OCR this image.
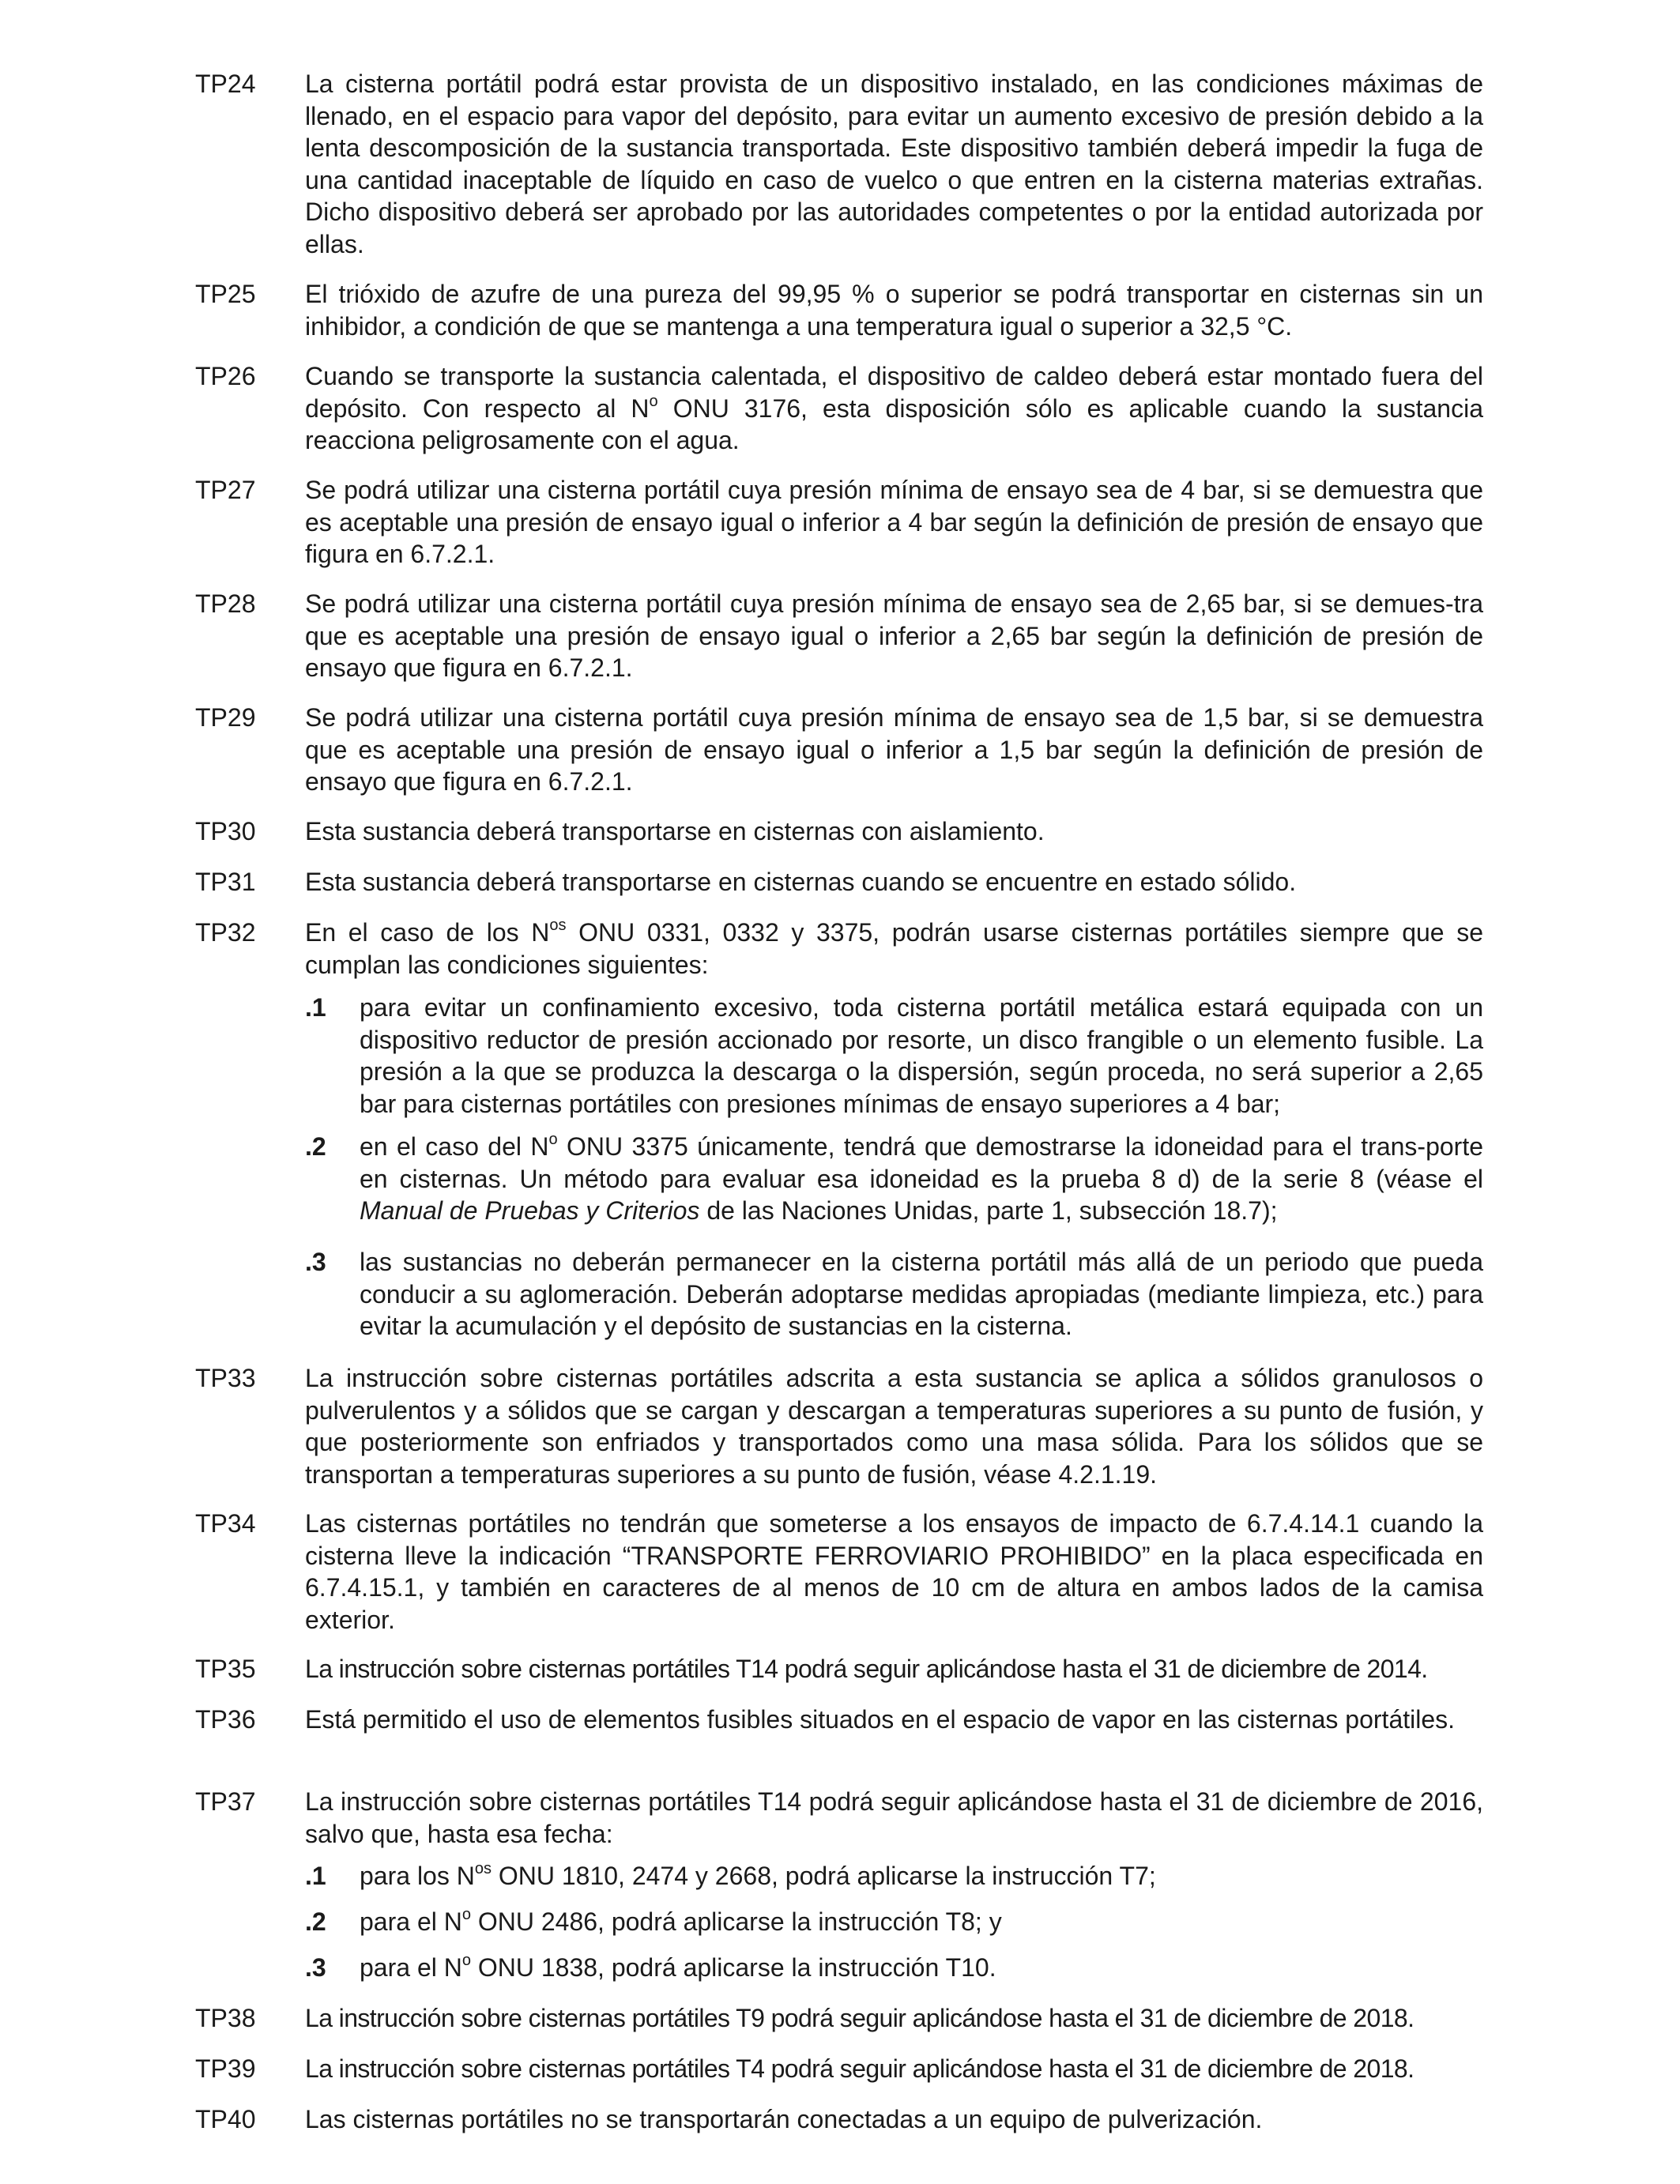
TP24	La cisterna portátil podrá estar provista de un dispositivo instalado, en las condiciones máximas de llenado, en el espacio para vapor del depósito, para evitar un aumento excesivo de presión debido a la lenta descomposición de la sustancia transportada. Este dispositivo también deberá impedir la fuga de una cantidad inaceptable de líquido en caso de vuelco o que entren en la cisterna materias extrañas. Dicho dispositivo deberá ser aprobado por las autoridades competentes o por la entidad autorizada por ellas.
TP25	El trióxido de azufre de una pureza del 99,95 % o superior se podrá transportar en cisternas sin un inhibidor, a condición de que se mantenga a una temperatura igual o superior a 32,5 °C.
TP26	Cuando se transporte la sustancia calentada, el dispositivo de caldeo deberá estar montado fuera del depósito. Con respecto al $N^o$ ONU 3176, esta disposición sólo es aplicable cuando la sustancia reacciona peligrosamente con el agua.
TP27	Se podrá utilizar una cisterna portátil cuya presión mínima de ensayo sea de 4 bar, si se demuestra que es aceptable una presión de ensayo igual o inferior a 4 bar según la definición de presión de ensayo que figura en 6.7.2.1.
TP28	Se podrá utilizar una cisterna portátil cuya presión mínima de ensayo sea de 2,65 bar, si se demues-tra que es aceptable una presión de ensayo igual o inferior a 2,65 bar según la definición de presión de ensayo que figura en 6.7.2.1.
TP29	Se podrá utilizar una cisterna portátil cuya presión mínima de ensayo sea de 1,5 bar, si se demuestra que es aceptable una presión de ensayo igual o inferior a 1,5 bar según la definición de presión de ensayo que figura en 6.7.2.1.
TP30	Esta sustancia deberá transportarse en cisternas con aislamiento.
TP31	Esta sustancia deberá transportarse en cisternas cuando se encuentre en estado sólido.
TP32	En el caso de los $N^{os}$ ONU 0331, 0332 y 3375, podrán usarse cisternas portátiles siempre que se cumplan las condiciones siguientes:
.1 para evitar un confinamiento excesivo, toda cisterna portátil metálica estará equipada con un dispositivo reductor de presión accionado por resorte, un disco frangible o un elemento fusible. La presión a la que se produzca la descarga o la dispersión, según proceda, no será superior a 2,65 bar para cisternas portátiles con presiones mínimas de ensayo superiores a 4 bar;
.2 en el caso del $N^o$ ONU 3375 únicamente, tendrá que demostrarse la idoneidad para el trans-porte en cisternas. Un método para evaluar esa idoneidad es la prueba 8 d) de la serie 8 (véase el Manual de Pruebas y Criterios de las Naciones Unidas, parte 1, subsección 18.7);
.3 las sustancias no deberán permanecer en la cisterna portátil más allá de un periodo que pueda conducir a su aglomeración. Deberán adoptarse medidas apropiadas (mediante limpieza, etc.) para evitar la acumulación y el depósito de sustancias en la cisterna.
TP33	La instrucción sobre cisternas portátiles adscrita a esta sustancia se aplica a sólidos granulosos o pulverulentos y a sólidos que se cargan y descargan a temperaturas superiores a su punto de fusión, y que posteriormente son enfriados y transportados como una masa sólida. Para los sólidos que se transportan a temperaturas superiores a su punto de fusión, véase 4.2.1.19.
TP34	Las cisternas portátiles no tendrán que someterse a los ensayos de impacto de 6.7.4.14.1 cuando la cisterna lleve la indicación “TRANSPORTE FERROVIARIO PROHIBIDO” en la placa especificada en 6.7.4.15.1, y también en caracteres de al menos de 10 cm de altura en ambos lados de la camisa exterior.
TP35	La instrucción sobre cisternas portátiles T14 podrá seguir aplicándose hasta el 31 de diciembre de 2014.
TP36	Está permitido el uso de elementos fusibles situados en el espacio de vapor en las cisternas portátiles.
TP37	La instrucción sobre cisternas portátiles T14 podrá seguir aplicándose hasta el 31 de diciembre de 2016, salvo que, hasta esa fecha:
.1 para los $N^{os}$ ONU 1810, 2474 y 2668, podrá aplicarse la instrucción T7;
.2 para el $N^o$ ONU 2486, podrá aplicarse la instrucción T8; y
.3 para el $N^o$ ONU 1838, podrá aplicarse la instrucción T10.
TP38	La instrucción sobre cisternas portátiles T9 podrá seguir aplicándose hasta el 31 de diciembre de 2018.
TP39	La instrucción sobre cisternas portátiles T4 podrá seguir aplicándose hasta el 31 de diciembre de 2018.
TP40	Las cisternas portátiles no se transportarán conectadas a un equipo de pulverización.
